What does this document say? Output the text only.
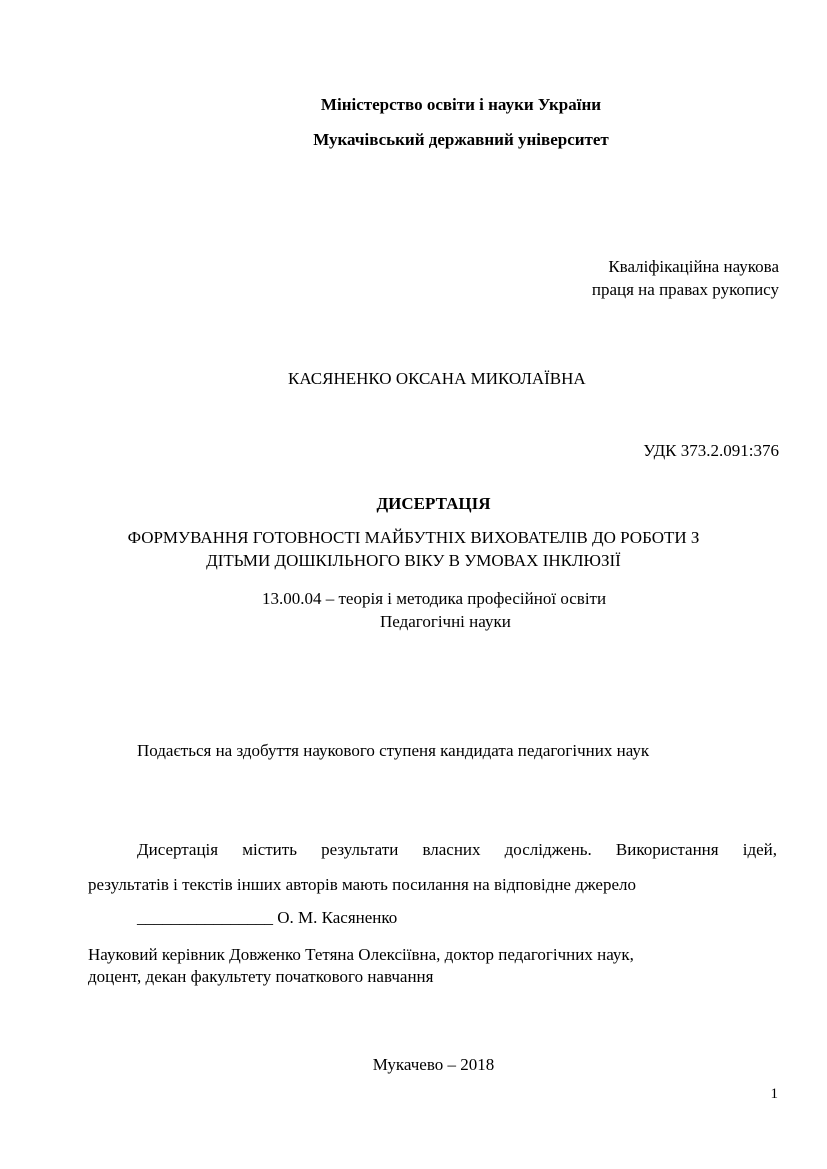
Міністерство освіти і науки України
Мукачівський державний університет
Кваліфікаційна наукова
праця на правах рукопису
КАСЯНЕНКО ОКСАНА МИКОЛАЇВНА
УДК 373.2.091:376
ДИСЕРТАЦІЯ
ФОРМУВАННЯ ГОТОВНОСТІ МАЙБУТНІХ ВИХОВАТЕЛІВ ДО РОБОТИ З
ДІТЬМИ ДОШКІЛЬНОГО ВІКУ В УМОВАХ ІНКЛЮЗІЇ
13.00.04 – теорія і методика професійної освіти
Педагогічні науки
Подається на здобуття наукового ступеня кандидата педагогічних наук
Дисертація містить результати власних досліджень. Використання ідей,
результатів і текстів інших авторів мають посилання на відповідне джерело
________________ О. М. Касяненко
Науковий керівник Довженко Тетяна Олексіївна, доктор педагогічних наук,
доцент, декан факультету початкового навчання
Мукачево – 2018
1
